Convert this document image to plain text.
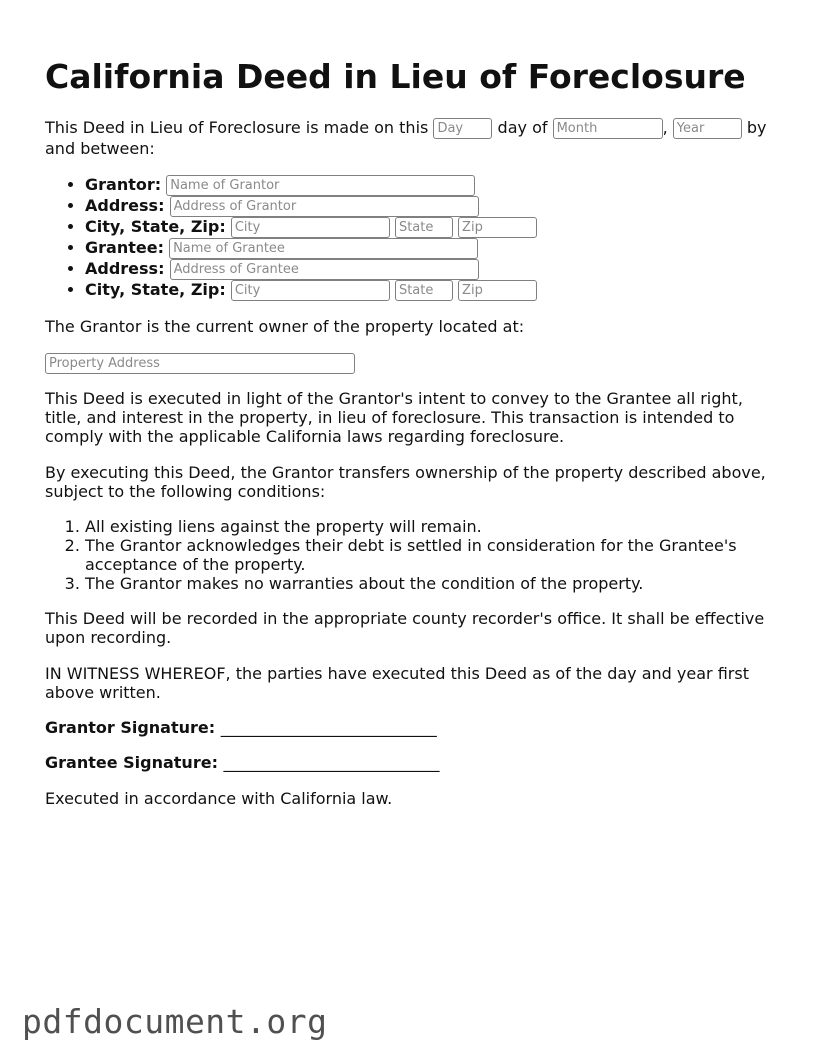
California Deed in Lieu of Foreclosure

This Deed in Lieu of Foreclosure is made on this Day	day of Month	, Year	by
and between:

• Grantor: Name of Grantor
• Address: Address of Grantor
• City, State, Zip: City State Zip
• Grantee: Name of Grantee
• Address: Address of Grantee
• City, State, Zip: City State Zip

The Grantor is the current owner of the property located at:

Property Address

This Deed is executed in light of the Grantor's intent to convey to the Grantee all right, title, and interest in the property, in lieu of foreclosure. This transaction is intended to comply with the applicable California laws regarding foreclosure.

By executing this Deed, the Grantor transfers ownership of the property described above, subject to the following conditions:

1. All existing liens against the property will remain.
2. The Grantor acknowledges their debt is settled in consideration for the Grantee's acceptance of the property.
3. The Grantor makes no warranties about the condition of the property.

This Deed will be recorded in the appropriate county recorder's office. It shall be effective upon recording.

IN WITNESS WHEREOF, the parties have executed this Deed as of the day and year first above written.

Grantor Signature: ___________________________
Grantee Signature: ___________________________

Executed in accordance with California law.

pdfdocument.org
